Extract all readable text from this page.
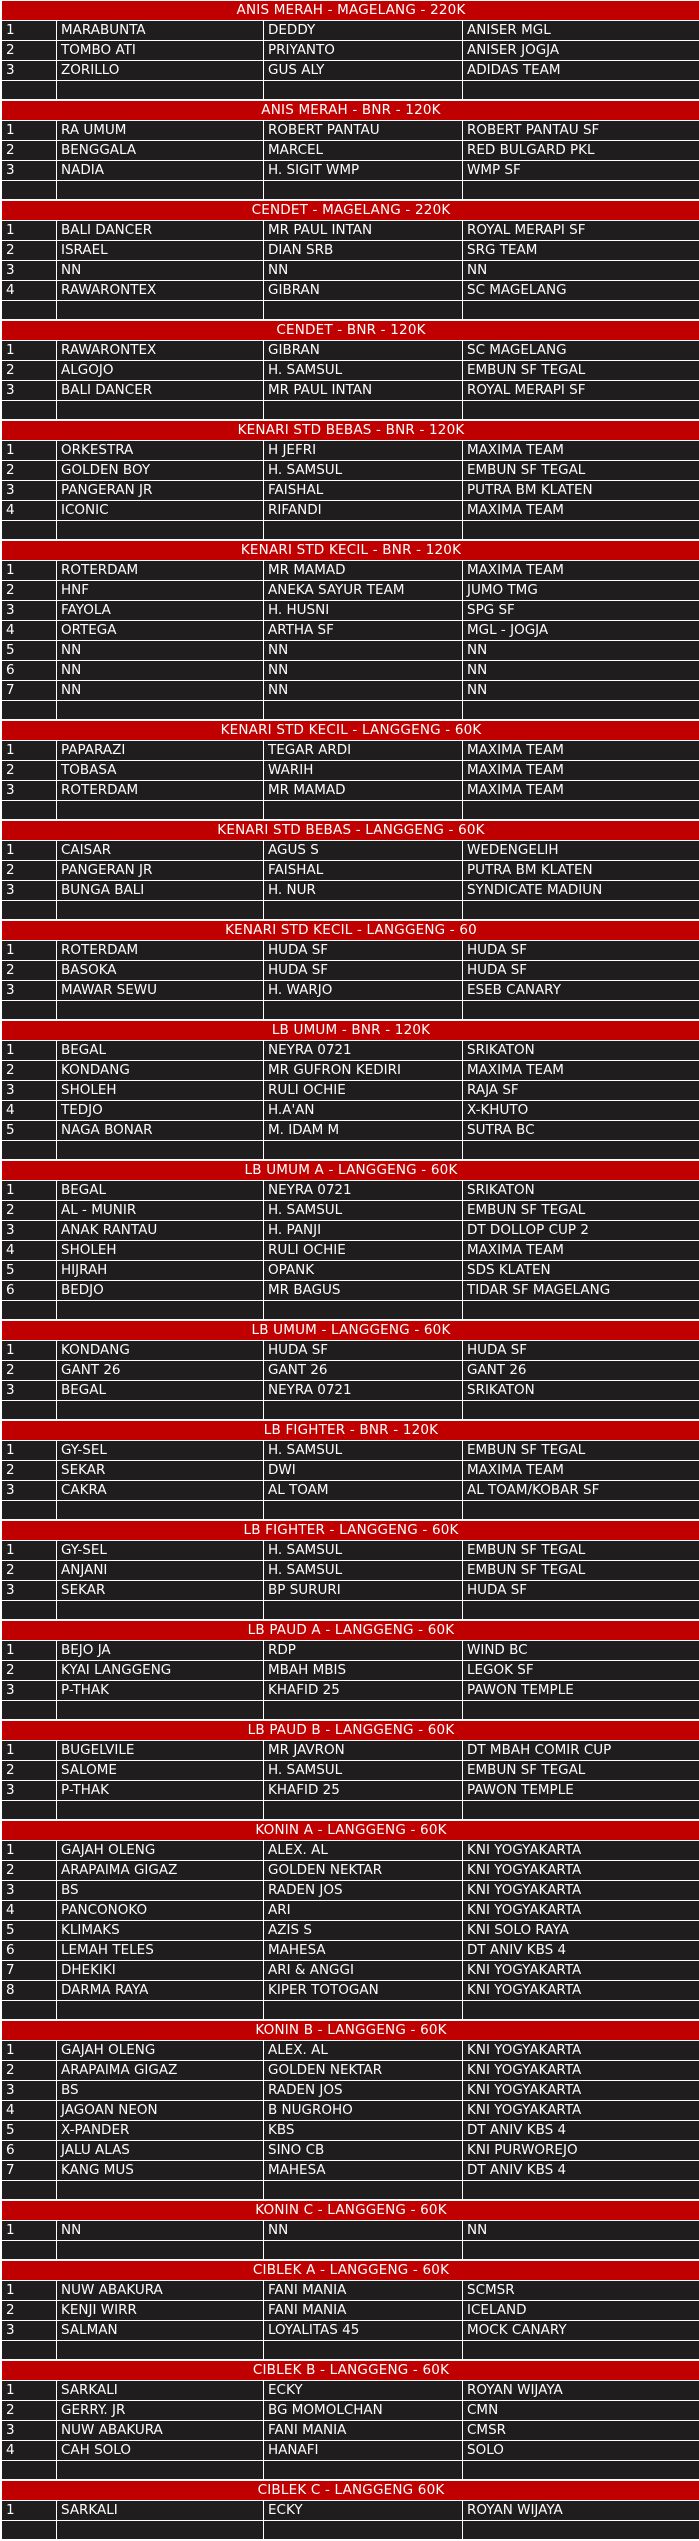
ANIS MERAH - MAGELANG - 220K			
1	MARABUNTA	DEDDY	ANISER MGL
2	TOMBO ATI	PRIYANTO	ANISER JOGJA
3	ZORILLO	GUS ALY	ADIDAS TEAM

ANIS MERAH - BNR - 120K			
1	RA UMUM	ROBERT PANTAU	ROBERT PANTAU SF
2	BENGGALA	MARCEL	RED BULGARD PKL
3	NADIA	H. SIGIT WMP	WMP SF

CENDET - MAGELANG - 220K			
1	BALI DANCER	MR PAUL INTAN	ROYAL MERAPI SF
2	ISRAEL	DIAN SRB	SRG TEAM
3	NN	NN	NN
4	RAWARONTEX	GIBRAN	SC MAGELANG

CENDET - BNR - 120K			
1	RAWARONTEX	GIBRAN	SC MAGELANG
2	ALGOJO	H. SAMSUL	EMBUN SF TEGAL
3	BALI DANCER	MR PAUL INTAN	ROYAL MERAPI SF

KENARI STD BEBAS - BNR - 120K			
1	ORKESTRA	H JEFRI	MAXIMA TEAM
2	GOLDEN BOY	H. SAMSUL	EMBUN SF TEGAL
3	PANGERAN JR	FAISHAL	PUTRA BM KLATEN
4	ICONIC	RIFANDI	MAXIMA TEAM

KENARI STD KECIL - BNR - 120K			
1	ROTERDAM	MR MAMAD	MAXIMA TEAM
2	HNF	ANEKA SAYUR TEAM	JUMO TMG
3	FAYOLA	H. HUSNI	SPG SF
4	ORTEGA	ARTHA SF	MGL - JOGJA
5	NN	NN	NN
6	NN	NN	NN
7	NN	NN	NN

KENARI STD KECIL - LANGGENG - 60K			
1	PAPARAZI	TEGAR ARDI	MAXIMA TEAM
2	TOBASA	WARIH	MAXIMA TEAM
3	ROTERDAM	MR MAMAD	MAXIMA TEAM

KENARI STD BEBAS - LANGGENG - 60K			
1	CAISAR	AGUS S	WEDENGELIH
2	PANGERAN JR	FAISHAL	PUTRA BM KLATEN
3	BUNGA BALI	H. NUR	SYNDICATE MADIUN

KENARI STD KECIL - LANGGENG - 60			
1	ROTERDAM	HUDA SF	HUDA SF
2	BASOKA	HUDA SF	HUDA SF
3	MAWAR SEWU	H. WARJO	ESEB CANARY

LB UMUM - BNR - 120K			
1	BEGAL	NEYRA 0721	SRIKATON
2	KONDANG	MR GUFRON KEDIRI	MAXIMA TEAM
3	SHOLEH	RULI OCHIE	RAJA SF
4	TEDJO	H.A'AN	X-KHUTO
5	NAGA BONAR	M. IDAM M	SUTRA BC

LB UMUM A - LANGGENG - 60K			
1	BEGAL	NEYRA 0721	SRIKATON
2	AL - MUNIR	H. SAMSUL	EMBUN SF TEGAL
3	ANAK RANTAU	H. PANJI	DT DOLLOP CUP 2
4	SHOLEH	RULI OCHIE	MAXIMA TEAM
5	HIJRAH	OPANK	SDS KLATEN
6	BEDJO	MR BAGUS	TIDAR SF MAGELANG

LB UMUM - LANGGENG - 60K			
1	KONDANG	HUDA SF	HUDA SF
2	GANT 26	GANT 26	GANT 26
3	BEGAL	NEYRA 0721	SRIKATON

LB FIGHTER - BNR - 120K			
1	GY-SEL	H. SAMSUL	EMBUN SF TEGAL
2	SEKAR	DWI	MAXIMA TEAM
3	CAKRA	AL TOAM	AL TOAM/KOBAR SF

LB FIGHTER - LANGGENG - 60K			
1	GY-SEL	H. SAMSUL	EMBUN SF TEGAL
2	ANJANI	H. SAMSUL	EMBUN SF TEGAL
3	SEKAR	BP SURURI	HUDA SF

LB PAUD A - LANGGENG - 60K			
1	BEJO JA	RDP	WIND BC
2	KYAI LANGGENG	MBAH MBIS	LEGOK SF
3	P-THAK	KHAFID 25	PAWON TEMPLE

LB PAUD B - LANGGENG - 60K			
1	BUGELVILE	MR JAVRON	DT MBAH COMIR CUP
2	SALOME	H. SAMSUL	EMBUN SF TEGAL
3	P-THAK	KHAFID 25	PAWON TEMPLE

KONIN A - LANGGENG - 60K			
1	GAJAH OLENG	ALEX. AL	KNI YOGYAKARTA
2	ARAPAIMA GIGAZ	GOLDEN NEKTAR	KNI YOGYAKARTA
3	BS	RADEN JOS	KNI YOGYAKARTA
4	PANCONOKO	ARI	KNI YOGYAKARTA
5	KLIMAKS	AZIS S	KNI SOLO RAYA
6	LEMAH TELES	MAHESA	DT ANIV KBS 4
7	DHEKIKI	ARI & ANGGI	KNI YOGYAKARTA
8	DARMA RAYA	KIPER TOTOGAN	KNI YOGYAKARTA

KONIN B - LANGGENG - 60K			
1	GAJAH OLENG	ALEX. AL	KNI YOGYAKARTA
2	ARAPAIMA GIGAZ	GOLDEN NEKTAR	KNI YOGYAKARTA
3	BS	RADEN JOS	KNI YOGYAKARTA
4	JAGOAN NEON	B NUGROHO	KNI YOGYAKARTA
5	X-PANDER	KBS	DT ANIV KBS 4
6	JALU ALAS	SINO CB	KNI PURWOREJO
7	KANG MUS	MAHESA	DT ANIV KBS 4

KONIN C - LANGGENG - 60K			
1	NN	NN	NN

CIBLEK A - LANGGENG - 60K			
1	NUW ABAKURA	FANI MANIA	SCMSR
2	KENJI WIRR	FANI MANIA	ICELAND
3	SALMAN	LOYALITAS 45	MOCK CANARY

CIBLEK B - LANGGENG - 60K			
1	SARKALI	ECKY	ROYAN WIJAYA
2	GERRY. JR	BG MOMOLCHAN	CMN
3	NUW ABAKURA	FANI MANIA	CMSR
4	CAH SOLO	HANAFI	SOLO

CIBLEK C - LANGGENG 60K			
1	SARKALI	ECKY	ROYAN WIJAYA
